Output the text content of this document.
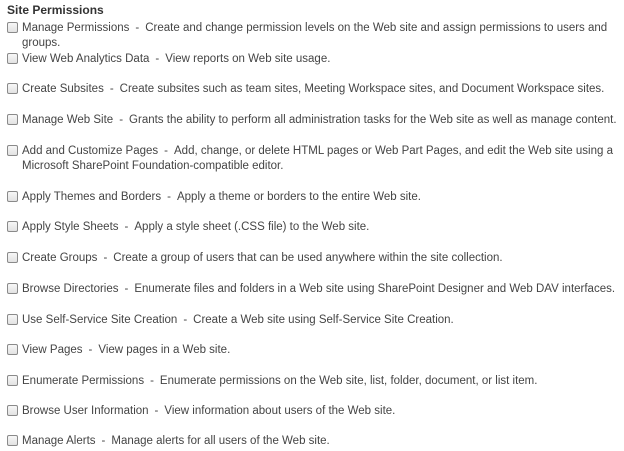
Site Permissions
Manage Permissions - Create and change permission levels on the Web site and assign permissions to users and groups.
View Web Analytics Data - View reports on Web site usage.
Create Subsites - Create subsites such as team sites, Meeting Workspace sites, and Document Workspace sites.
Manage Web Site - Grants the ability to perform all administration tasks for the Web site as well as manage content.
Add and Customize Pages - Add, change, or delete HTML pages or Web Part Pages, and edit the Web site using a Microsoft SharePoint Foundation-compatible editor.
Apply Themes and Borders - Apply a theme or borders to the entire Web site.
Apply Style Sheets - Apply a style sheet (.CSS file) to the Web site.
Create Groups - Create a group of users that can be used anywhere within the site collection.
Browse Directories - Enumerate files and folders in a Web site using SharePoint Designer and Web DAV interfaces.
Use Self-Service Site Creation - Create a Web site using Self-Service Site Creation.
View Pages - View pages in a Web site.
Enumerate Permissions - Enumerate permissions on the Web site, list, folder, document, or list item.
Browse User Information - View information about users of the Web site.
Manage Alerts - Manage alerts for all users of the Web site.
